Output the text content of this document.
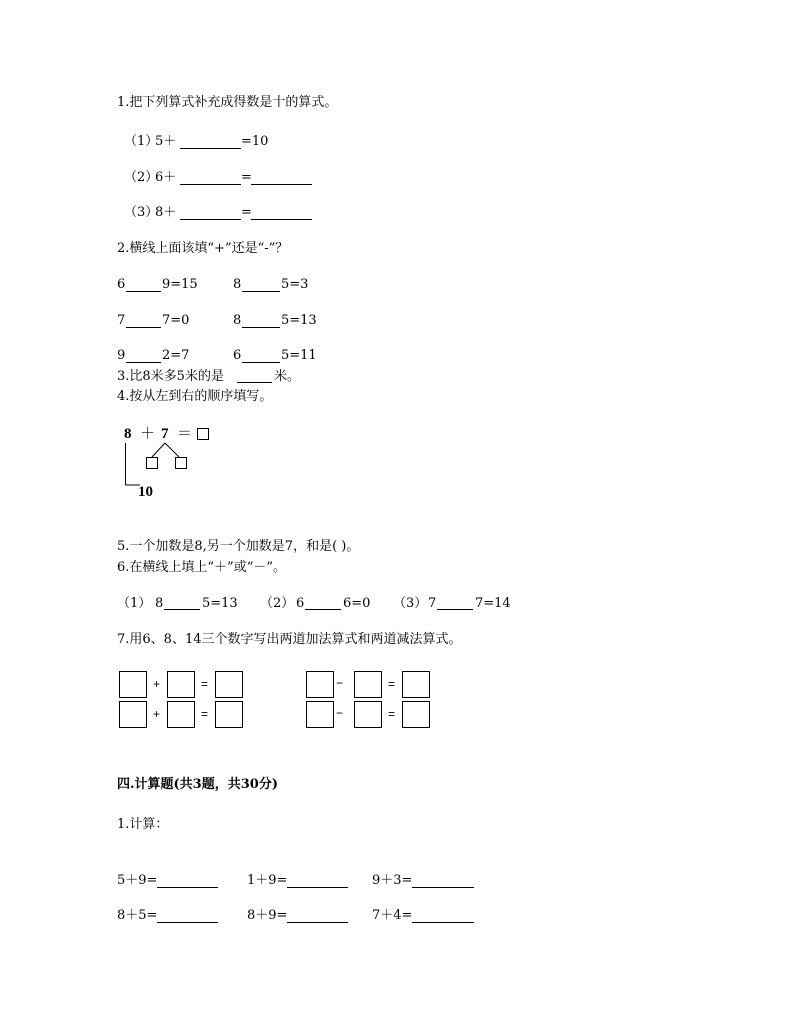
1.把下列算式补充成得数是十的算式。
（1）
5＋	=10
（2）
6＋	=
（3）
8＋	=
2.横线上面该填“+”还是“-”？
6	9=15	8	5=3
7	7=0	8	5=13
9	2=7	6	5=11
3.比8米多5米的是	米。
4.按从左到右的顺序填写。
8 ＋ 7 ＝
10
5.一个加数是8,另一个加数是7，和是( )。
6.在横线上填上“＋”或“－”。
（1） 8	5=13 （2） 6	6=0 （3） 7	7=14
7.用6、8、14三个数字写出两道加法算式和两道减法算式。
+	=
+	=
−	=
−	=
四.计算题(共3题，共30分)
1.计算：
5＋9=	1＋9=	9＋3=
8＋5=	8＋9=	7＋4=
